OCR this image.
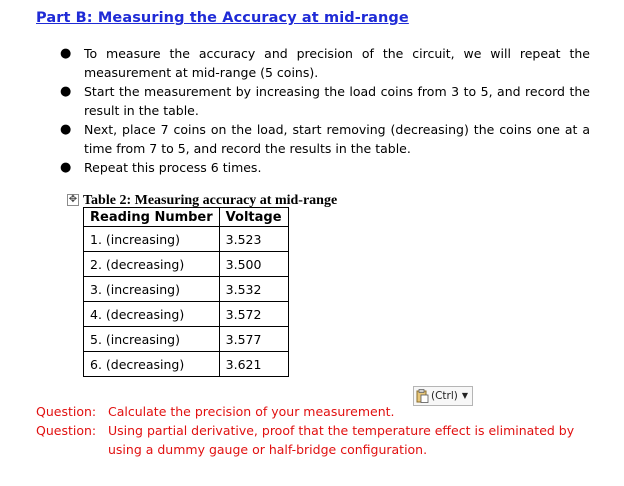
Part B: Measuring the Accuracy at mid-range
● To measure the accuracy and precision of the circuit, we will repeat the measurement at mid-range (5 coins).
● Start the measurement by increasing the load coins from 3 to 5, and record the result in the table.
● Next, place 7 coins on the load, start removing (decreasing) the coins one at a time from 7 to 5, and record the results in the table.
● Repeat this process 6 times.
✥ Table 2: Measuring accuracy at mid-range
Reading Number	Voltage
1. (increasing)	3.523
2. (decreasing)	3.500
3. (increasing)	3.532
4. (decreasing)	3.572
5. (increasing)	3.577
6. (decreasing)	3.621
(Ctrl) ▼
Question: Calculate the precision of your measurement.
Question: Using partial derivative, proof that the temperature effect is eliminated by using a dummy gauge or half-bridge configuration.
